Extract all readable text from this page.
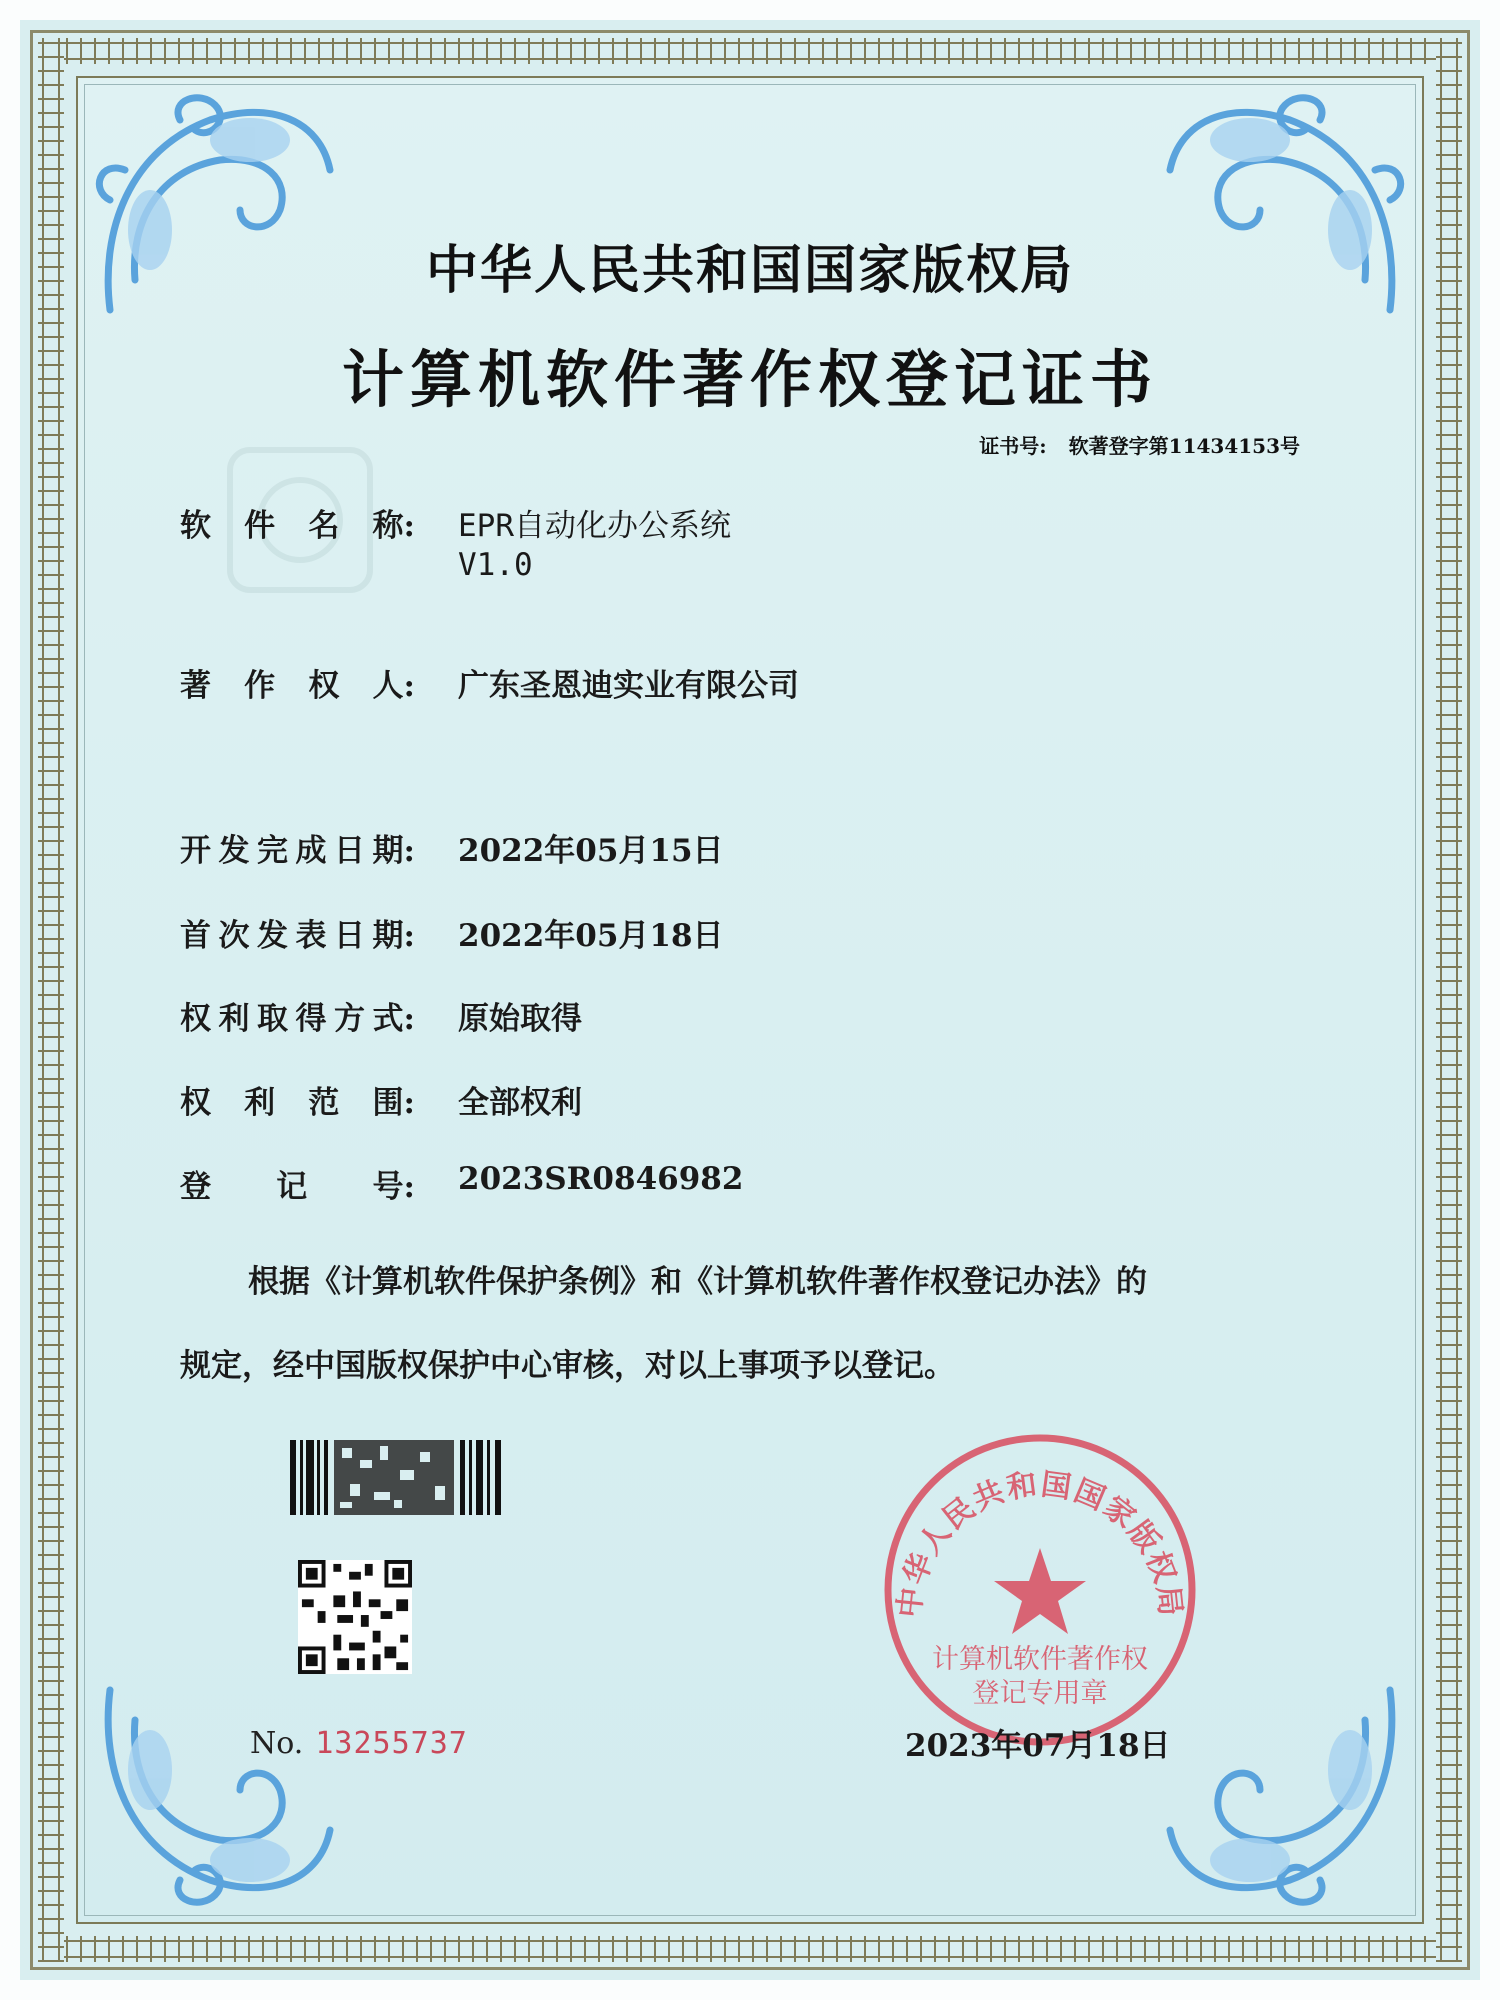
中华人民共和国国家版权局
计算机软件著作权登记证书
证书号: 软著登字第11434153号
软 件 名 称: EPR自动化办公系统
V1.0
著 作 权 人: 广东圣恩迪实业有限公司
开 发 完 成 日 期: 2022年05月15日
首 次 发 表 日 期: 2022年05月18日
权 利 取 得 方 式: 原始取得
权 利 范 围: 全部权利
登 记 号: 2023SR0846982
根据《计算机软件保护条例》和《计算机软件著作权登记办法》的
规定，经中国版权保护中心审核，对以上事项予以登记。
No. 13255737
中华人民共和国国家版权局
计算机软件著作权
登记专用章
2023年07月18日
